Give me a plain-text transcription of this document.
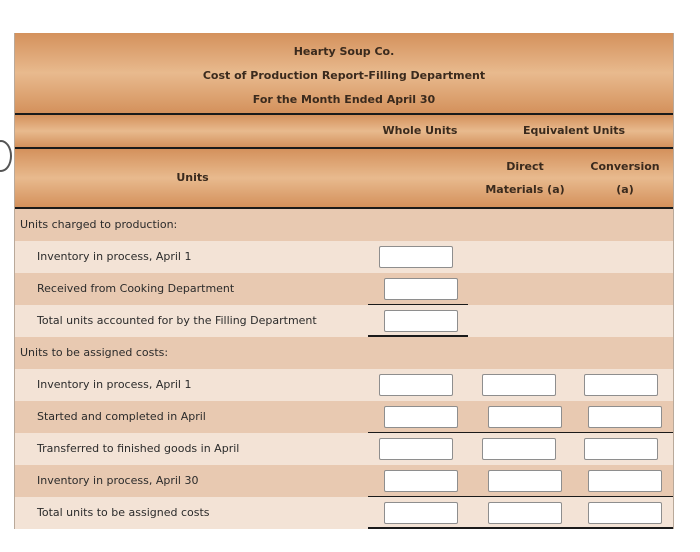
Hearty Soup Co.
Cost of Production Report-Filling Department
For the Month Ended April 30
Whole Units	Equivalent Units
Units
Direct
Materials (a)
Conversion
(a)
Units charged to production:
Inventory in process, April 1
Received from Cooking Department
Total units accounted for by the Filling Department
Units to be assigned costs:
Inventory in process, April 1
Started and completed in April
Transferred to finished goods in April
Inventory in process, April 30
Total units to be assigned costs
